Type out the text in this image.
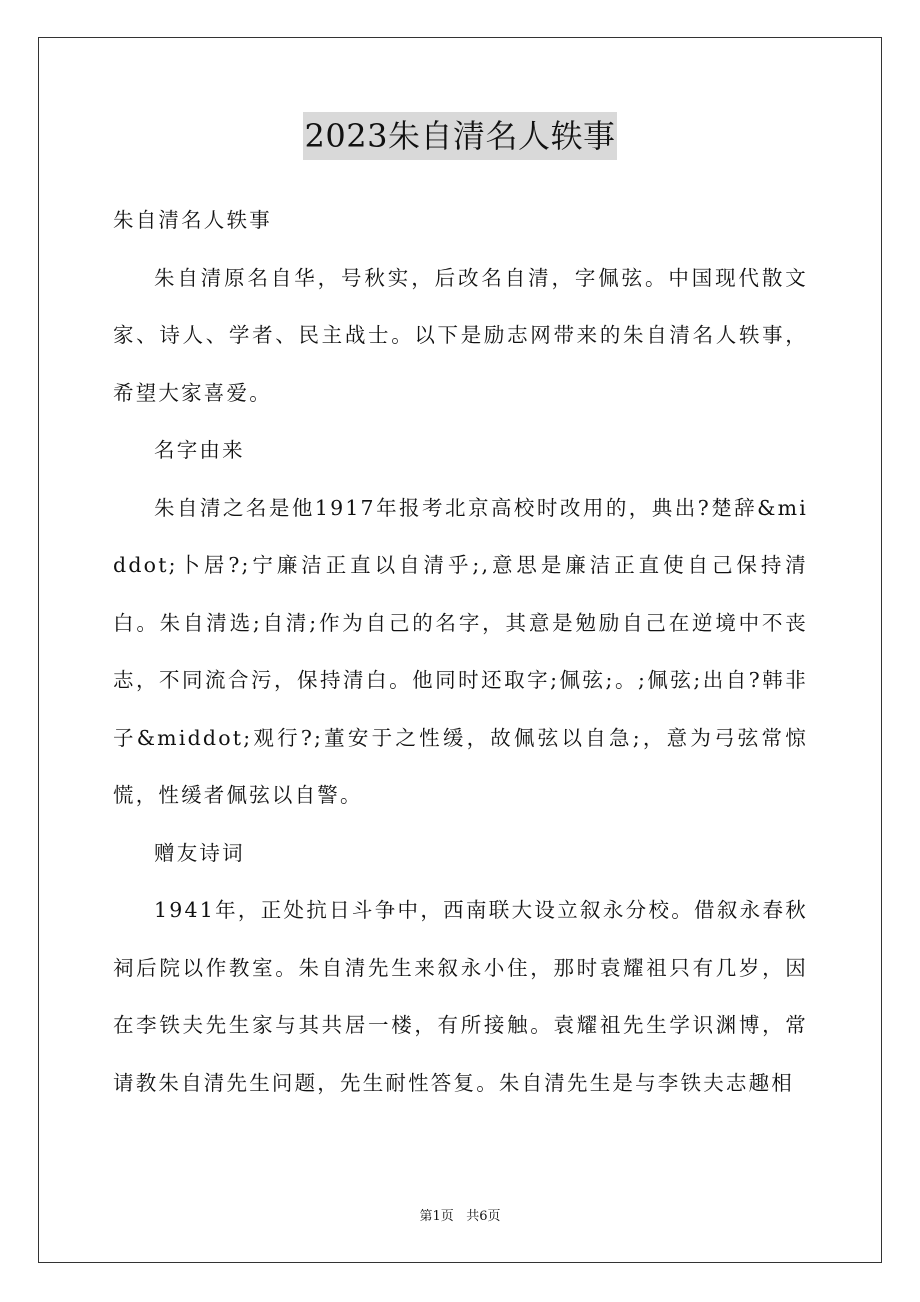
2023朱自清名人轶事

朱自清名人轶事

朱自清原名自华，号秋实，后改名自清，字佩弦。中国现代散文家、诗人、学者、民主战士。以下是励志网带来的朱自清名人轶事，希望大家喜爱。

名字由来

朱自清之名是他1917年报考北京高校时改用的，典出?楚辞&middot;卜居?;宁廉洁正直以自清乎;,意思是廉洁正直使自己保持清白。朱自清选;自清;作为自己的名字，其意是勉励自己在逆境中不丧志，不同流合污，保持清白。他同时还取字;佩弦;。;佩弦;出自?韩非子&middot;观行?;董安于之性缓，故佩弦以自急;，意为弓弦常惊慌，性缓者佩弦以自警。

赠友诗词

1941年，正处抗日斗争中，西南联大设立叙永分校。借叙永春秋祠后院以作教室。朱自清先生来叙永小住，那时袁耀祖只有几岁，因在李铁夫先生家与其共居一楼，有所接触。袁耀祖先生学识渊博，常请教朱自清先生问题，先生耐性答复。朱自清先生是与李铁夫志趣相

第1页 共6页
